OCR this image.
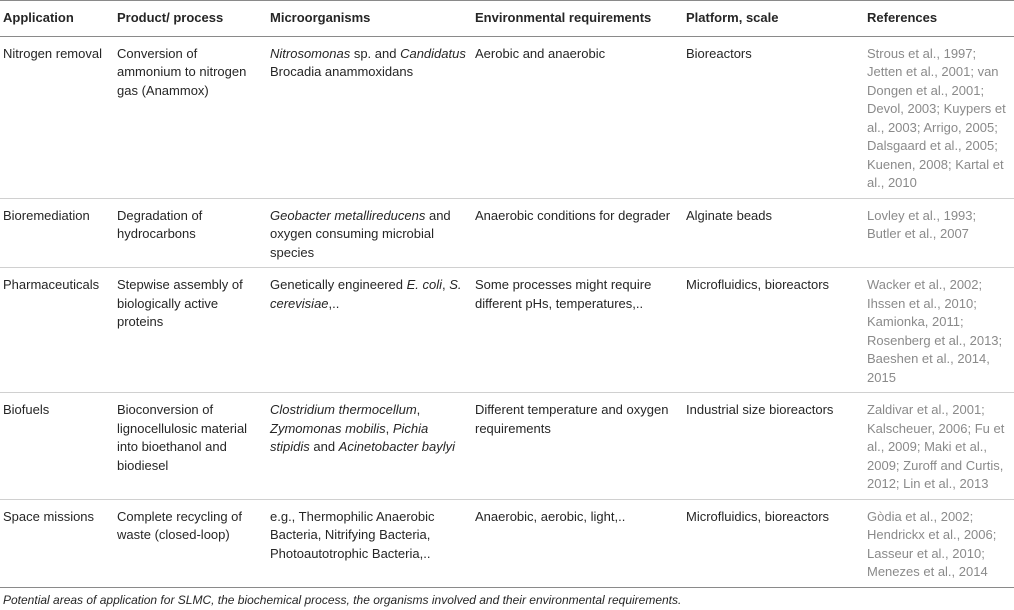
Application	Product/ process	Microorganisms	Environmental requirements	Platform, scale	References
Nitrogen removal	Conversion of ammonium to nitrogen gas (Anammox)	Nitrosomonas sp. and Candidatus Brocadia anammoxidans	Aerobic and anaerobic	Bioreactors	Strous et al., 1997; Jetten et al., 2001; van Dongen et al., 2001; Devol, 2003; Kuypers et al., 2003; Arrigo, 2005; Dalsgaard et al., 2005; Kuenen, 2008; Kartal et al., 2010
Bioremediation	Degradation of hydrocarbons	Geobacter metallireducens and oxygen consuming microbial species	Anaerobic conditions for degrader	Alginate beads	Lovley et al., 1993; Butler et al., 2007
Pharmaceuticals	Stepwise assembly of biologically active proteins	Genetically engineered E. coli, S. cerevisiae,..	Some processes might require different pHs, temperatures,..	Microfluidics, bioreactors	Wacker et al., 2002; Ihssen et al., 2010; Kamionka, 2011; Rosenberg et al., 2013; Baeshen et al., 2014, 2015
Biofuels	Bioconversion of lignocellulosic material into bioethanol and biodiesel	Clostridium thermocellum, Zymomonas mobilis, Pichia stipidis and Acinetobacter baylyi	Different temperature and oxygen requirements	Industrial size bioreactors	Zaldivar et al., 2001; Kalscheuer, 2006; Fu et al., 2009; Maki et al., 2009; Zuroff and Curtis, 2012; Lin et al., 2013
Space missions	Complete recycling of waste (closed-loop)	e.g., Thermophilic Anaerobic Bacteria, Nitrifying Bacteria, Photoautotrophic Bacteria,..	Anaerobic, aerobic, light,..	Microfluidics, bioreactors	Gòdia et al., 2002; Hendrickx et al., 2006; Lasseur et al., 2010; Menezes et al., 2014
Potential areas of application for SLMC, the biochemical process, the organisms involved and their environmental requirements.
